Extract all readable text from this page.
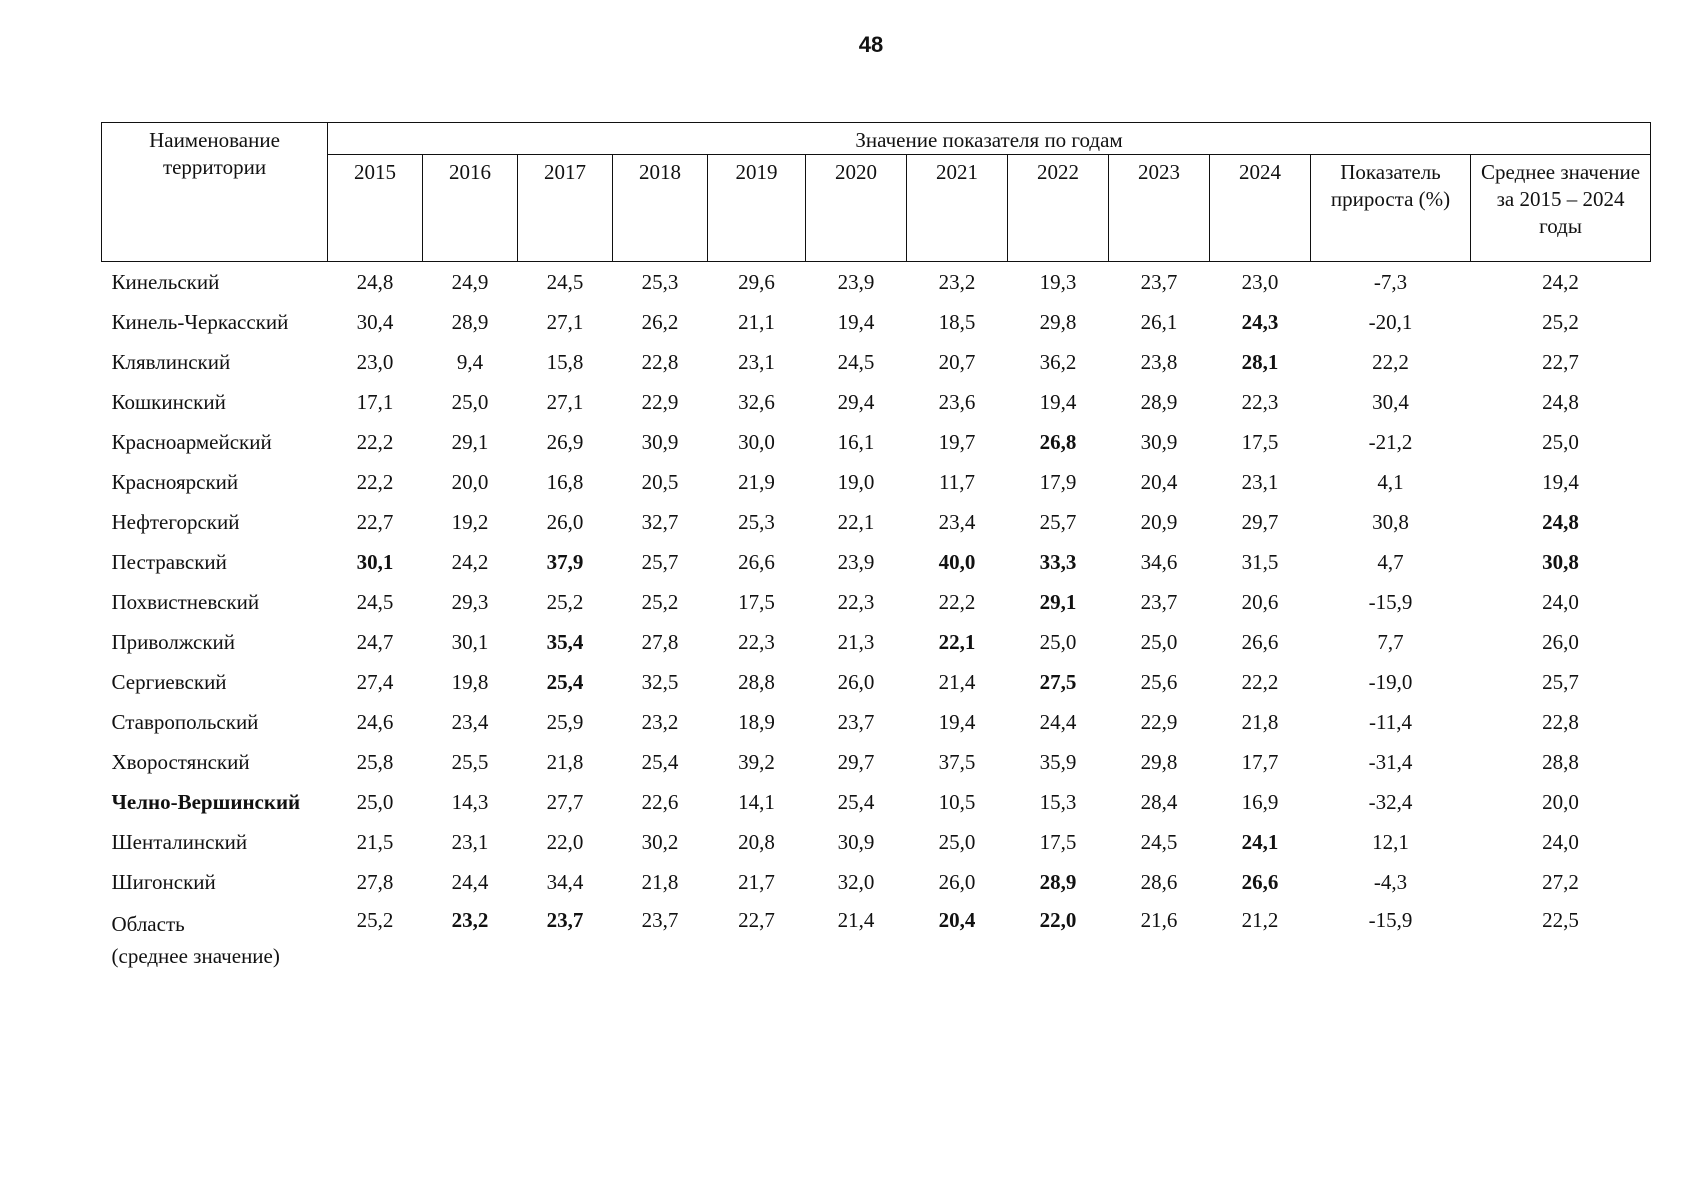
48
Наименование территории	Значение показателя по годам											
	2015	2016	2017	2018	2019	2020	2021	2022	2023	2024	Показатель прироста (%)	Среднее значение за 2015 – 2024 годы
Кинельский	24,8	24,9	24,5	25,3	29,6	23,9	23,2	19,3	23,7	23,0	-7,3	24,2
Кинель-Черкасский	30,4	28,9	27,1	26,2	21,1	19,4	18,5	29,8	26,1	24,3	-20,1	25,2
Клявлинский	23,0	9,4	15,8	22,8	23,1	24,5	20,7	36,2	23,8	28,1	22,2	22,7
Кошкинский	17,1	25,0	27,1	22,9	32,6	29,4	23,6	19,4	28,9	22,3	30,4	24,8
Красноармейский	22,2	29,1	26,9	30,9	30,0	16,1	19,7	26,8	30,9	17,5	-21,2	25,0
Красноярский	22,2	20,0	16,8	20,5	21,9	19,0	11,7	17,9	20,4	23,1	4,1	19,4
Нефтегорский	22,7	19,2	26,0	32,7	25,3	22,1	23,4	25,7	20,9	29,7	30,8	24,8
Пестравский	30,1	24,2	37,9	25,7	26,6	23,9	40,0	33,3	34,6	31,5	4,7	30,8
Похвистневский	24,5	29,3	25,2	25,2	17,5	22,3	22,2	29,1	23,7	20,6	-15,9	24,0
Приволжский	24,7	30,1	35,4	27,8	22,3	21,3	22,1	25,0	25,0	26,6	7,7	26,0
Сергиевский	27,4	19,8	25,4	32,5	28,8	26,0	21,4	27,5	25,6	22,2	-19,0	25,7
Ставропольский	24,6	23,4	25,9	23,2	18,9	23,7	19,4	24,4	22,9	21,8	-11,4	22,8
Хворостянский	25,8	25,5	21,8	25,4	39,2	29,7	37,5	35,9	29,8	17,7	-31,4	28,8
Челно-Вершинский	25,0	14,3	27,7	22,6	14,1	25,4	10,5	15,3	28,4	16,9	-32,4	20,0
Шенталинский	21,5	23,1	22,0	30,2	20,8	30,9	25,0	17,5	24,5	24,1	12,1	24,0
Шигонский	27,8	24,4	34,4	21,8	21,7	32,0	26,0	28,9	28,6	26,6	-4,3	27,2

Область
(среднее значение)	25,2	23,2	23,7	23,7	22,7	21,4	20,4	22,0	21,6	21,2	-15,9	22,5
